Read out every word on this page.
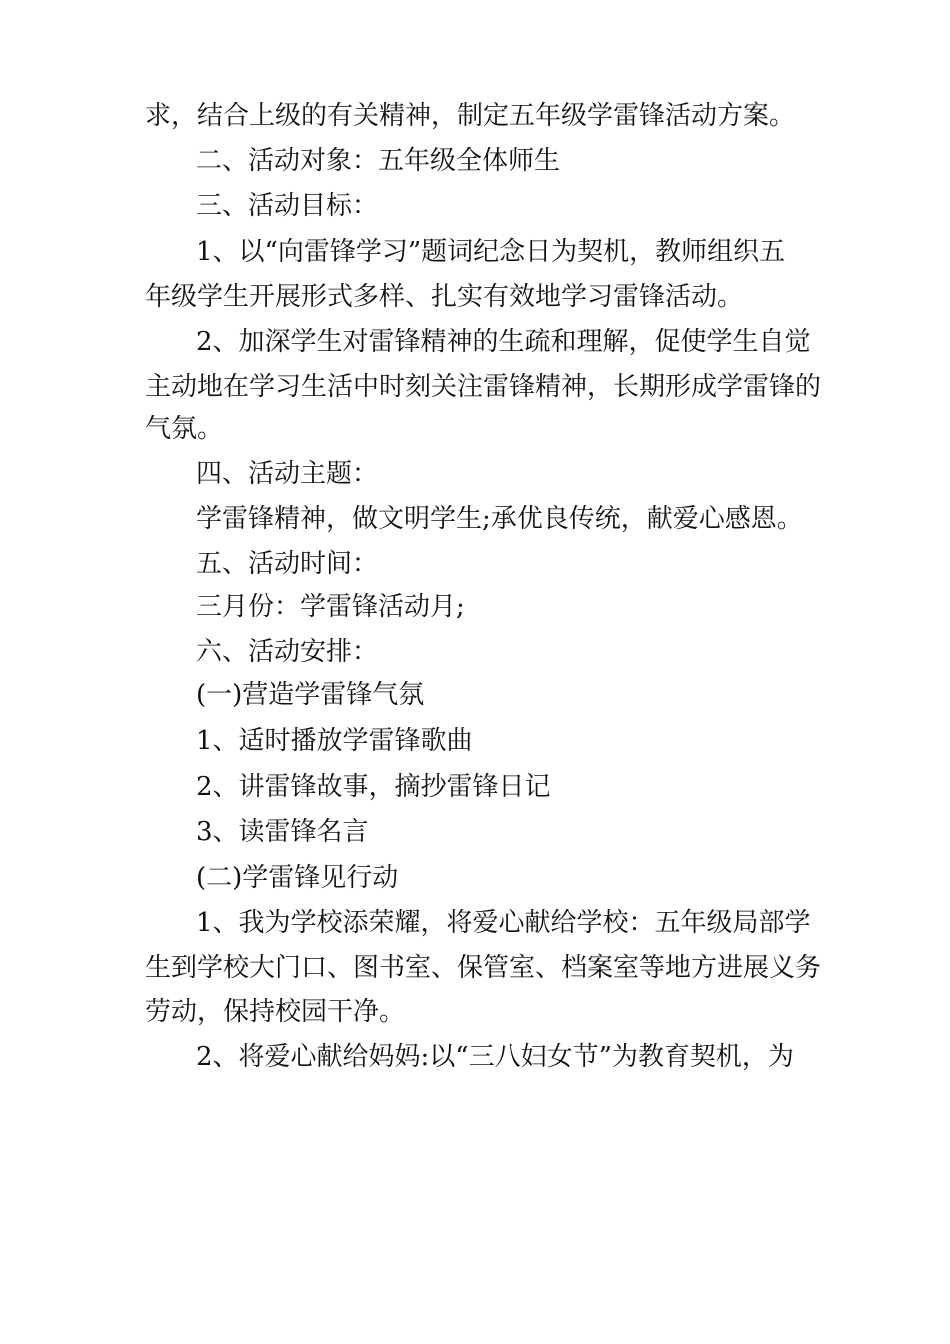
求，结合上级的有关精神，制定五年级学雷锋活动方案。
二、活动对象：五年级全体师生
三、活动目标：
1、以“向雷锋学习”题词纪念日为契机，教师组织五
年级学生开展形式多样、扎实有效地学习雷锋活动。
2、加深学生对雷锋精神的生疏和理解，促使学生自觉
主动地在学习生活中时刻关注雷锋精神，长期形成学雷锋的
气氛。
四、活动主题：
学雷锋精神，做文明学生;承优良传统，献爱心感恩。
五、活动时间：
三月份：学雷锋活动月;
六、活动安排：
(一)营造学雷锋气氛
1、适时播放学雷锋歌曲
2、讲雷锋故事，摘抄雷锋日记
3、读雷锋名言
(二)学雷锋见行动
1、我为学校添荣耀，将爱心献给学校：五年级局部学
生到学校大门口、图书室、保管室、档案室等地方进展义务
劳动，保持校园干净。
2、将爱心献给妈妈:以“三八妇女节”为教育契机，为
